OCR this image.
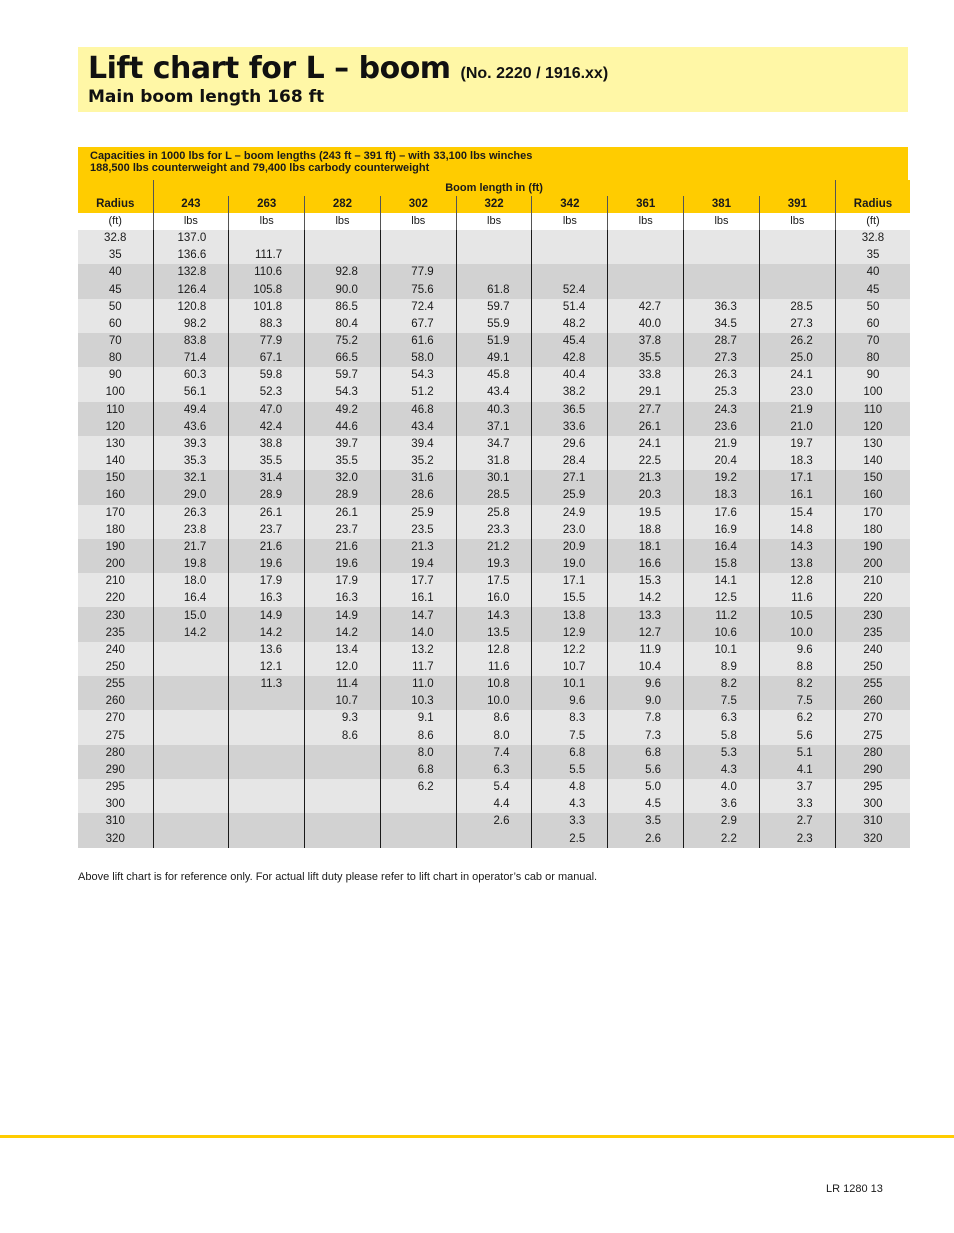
Lift chart for L – boom (No. 2220 / 1916.xx)
Main boom length 168 ft
Capacities in 1000 lbs for L – boom lengths (243 ft – 391 ft) – with 33,100 lbs winches
188,500 lbs counterweight and 79,400 lbs carbody counterweight
	Boom length in (ft)									
Radius	243	263	282	302	322	342	361	381	391	Radius
(ft)	lbs	lbs	lbs	lbs	lbs	lbs	lbs	lbs	lbs	(ft)
32.8	137.0									32.8
35	136.6	111.7								35
40	132.8	110.6	92.8	77.9						40
45	126.4	105.8	90.0	75.6	61.8	52.4				45
50	120.8	101.8	86.5	72.4	59.7	51.4	42.7	36.3	28.5	50
60	98.2	88.3	80.4	67.7	55.9	48.2	40.0	34.5	27.3	60
70	83.8	77.9	75.2	61.6	51.9	45.4	37.8	28.7	26.2	70
80	71.4	67.1	66.5	58.0	49.1	42.8	35.5	27.3	25.0	80
90	60.3	59.8	59.7	54.3	45.8	40.4	33.8	26.3	24.1	90
100	56.1	52.3	54.3	51.2	43.4	38.2	29.1	25.3	23.0	100
110	49.4	47.0	49.2	46.8	40.3	36.5	27.7	24.3	21.9	110
120	43.6	42.4	44.6	43.4	37.1	33.6	26.1	23.6	21.0	120
130	39.3	38.8	39.7	39.4	34.7	29.6	24.1	21.9	19.7	130
140	35.3	35.5	35.5	35.2	31.8	28.4	22.5	20.4	18.3	140
150	32.1	31.4	32.0	31.6	30.1	27.1	21.3	19.2	17.1	150
160	29.0	28.9	28.9	28.6	28.5	25.9	20.3	18.3	16.1	160
170	26.3	26.1	26.1	25.9	25.8	24.9	19.5	17.6	15.4	170
180	23.8	23.7	23.7	23.5	23.3	23.0	18.8	16.9	14.8	180
190	21.7	21.6	21.6	21.3	21.2	20.9	18.1	16.4	14.3	190
200	19.8	19.6	19.6	19.4	19.3	19.0	16.6	15.8	13.8	200
210	18.0	17.9	17.9	17.7	17.5	17.1	15.3	14.1	12.8	210
220	16.4	16.3	16.3	16.1	16.0	15.5	14.2	12.5	11.6	220
230	15.0	14.9	14.9	14.7	14.3	13.8	13.3	11.2	10.5	230
235	14.2	14.2	14.2	14.0	13.5	12.9	12.7	10.6	10.0	235
240		13.6	13.4	13.2	12.8	12.2	11.9	10.1	9.6	240
250		12.1	12.0	11.7	11.6	10.7	10.4	8.9	8.8	250
255		11.3	11.4	11.0	10.8	10.1	9.6	8.2	8.2	255
260			10.7	10.3	10.0	9.6	9.0	7.5	7.5	260
270			9.3	9.1	8.6	8.3	7.8	6.3	6.2	270
275			8.6	8.6	8.0	7.5	7.3	5.8	5.6	275
280				8.0	7.4	6.8	6.8	5.3	5.1	280
290				6.8	6.3	5.5	5.6	4.3	4.1	290
295				6.2	5.4	4.8	5.0	4.0	3.7	295
300					4.4	4.3	4.5	3.6	3.3	300
310					2.6	3.3	3.5	2.9	2.7	310
320						2.5	2.6	2.2	2.3	320
Above lift chart is for reference only. For actual lift duty please refer to lift chart in operator’s cab or manual.
LR 1280 13
